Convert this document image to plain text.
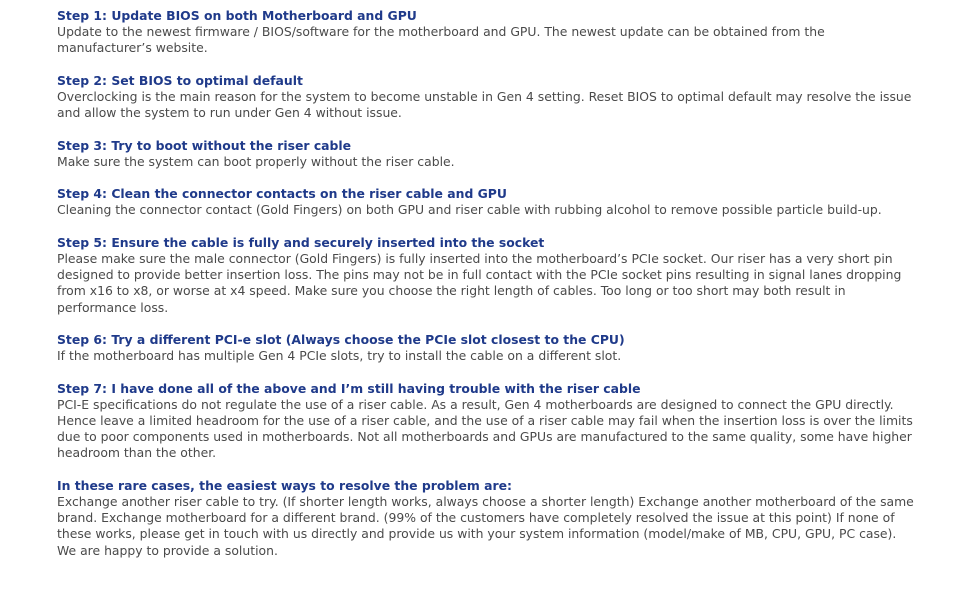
Step 1: Update BIOS on both Motherboard and GPU
Update to the newest firmware / BIOS/software for the motherboard and GPU. The newest update can be obtained from the manufacturer’s website.
Step 2: Set BIOS to optimal default
Overclocking is the main reason for the system to become unstable in Gen 4 setting. Reset BIOS to optimal default may resolve the issue and allow the system to run under Gen 4 without issue.
Step 3: Try to boot without the riser cable
Make sure the system can boot properly without the riser cable.
Step 4: Clean the connector contacts on the riser cable and GPU
Cleaning the connector contact (Gold Fingers) on both GPU and riser cable with rubbing alcohol to remove possible particle build-up.
Step 5: Ensure the cable is fully and securely inserted into the socket
Please make sure the male connector (Gold Fingers) is fully inserted into the motherboard’s PCIe socket. Our riser has a very short pin designed to provide better insertion loss. The pins may not be in full contact with the PCIe socket pins resulting in signal lanes dropping from x16 to x8, or worse at x4 speed. Make sure you choose the right length of cables. Too long or too short may both result in performance loss.
Step 6: Try a different PCI-e slot (Always choose the PCIe slot closest to the CPU)
If the motherboard has multiple Gen 4 PCIe slots, try to install the cable on a different slot.
Step 7: I have done all of the above and I’m still having trouble with the riser cable
PCI-E specifications do not regulate the use of a riser cable. As a result, Gen 4 motherboards are designed to connect the GPU directly. Hence leave a limited headroom for the use of a riser cable, and the use of a riser cable may fail when the insertion loss is over the limits due to poor components used in motherboards. Not all motherboards and GPUs are manufactured to the same quality, some have higher headroom than the other.
In these rare cases, the easiest ways to resolve the problem are:
Exchange another riser cable to try. (If shorter length works, always choose a shorter length) Exchange another motherboard of the same brand. Exchange motherboard for a different brand. (99% of the customers have completely resolved the issue at this point) If none of these works, please get in touch with us directly and provide us with your system information (model/make of MB, CPU, GPU, PC case). We are happy to provide a solution.
